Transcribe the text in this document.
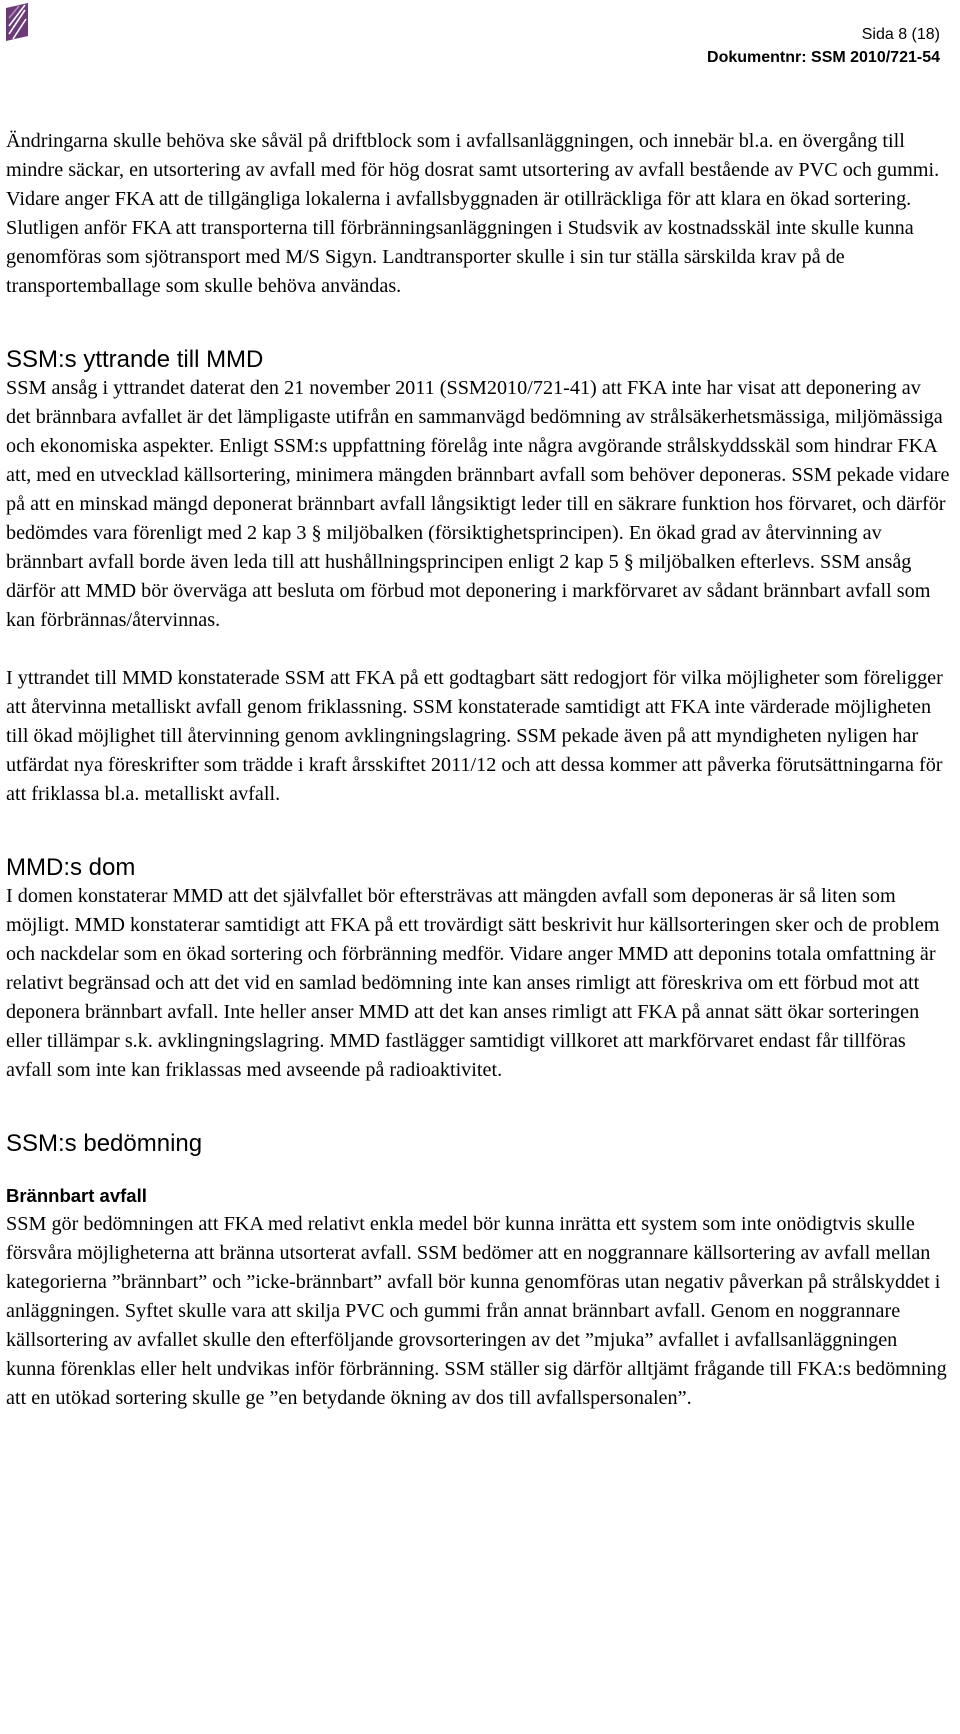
Sida 8 (18)
Dokumentnr: SSM 2010/721-54

Ändringarna skulle behöva ske såväl på driftblock som i avfallsanläggningen, och innebär bl.a. en övergång till mindre säckar, en utsortering av avfall med för hög dosrat samt utsortering av avfall bestående av PVC och gummi. Vidare anger FKA att de tillgängliga lokalerna i avfallsbyggnaden är otillräckliga för att klara en ökad sortering. Slutligen anför FKA att transporterna till förbränningsanläggningen i Studsvik av kostnadsskäl inte skulle kunna genomföras som sjötransport med M/S Sigyn. Landtransporter skulle i sin tur ställa särskilda krav på de transportemballage som skulle behöva användas.

SSM:s yttrande till MMD

SSM ansåg i yttrandet daterat den 21 november 2011 (SSM2010/721-41) att FKA inte har visat att deponering av det brännbara avfallet är det lämpligaste utifrån en sammanvägd bedömning av strålsäkerhetsmässiga, miljömässiga och ekonomiska aspekter. Enligt SSM:s uppfattning förelåg inte några avgörande strålskyddsskäl som hindrar FKA att, med en utvecklad källsortering, minimera mängden brännbart avfall som behöver deponeras. SSM pekade vidare på att en minskad mängd deponerat brännbart avfall långsiktigt leder till en säkrare funktion hos förvaret, och därför bedömdes vara förenligt med 2 kap 3 § miljöbalken (försiktighetsprincipen). En ökad grad av återvinning av brännbart avfall borde även leda till att hushållningsprincipen enligt 2 kap 5 § miljöbalken efterlevs. SSM ansåg därför att MMD bör överväga att besluta om förbud mot deponering i markförvaret av sådant brännbart avfall som kan förbrännas/återvinnas.

I yttrandet till MMD konstaterade SSM att FKA på ett godtagbart sätt redogjort för vilka möjligheter som föreligger att återvinna metalliskt avfall genom friklassning. SSM konstaterade samtidigt att FKA inte värderade möjligheten till ökad möjlighet till återvinning genom avklingningslagring. SSM pekade även på att myndigheten nyligen har utfärdat nya föreskrifter som trädde i kraft årsskiftet 2011/12 och att dessa kommer att påverka förutsättningarna för att friklassa bl.a. metalliskt avfall.

MMD:s dom

I domen konstaterar MMD att det självfallet bör eftersträvas att mängden avfall som deponeras är så liten som möjligt. MMD konstaterar samtidigt att FKA på ett trovärdigt sätt beskrivit hur källsorteringen sker och de problem och nackdelar som en ökad sortering och förbränning medför. Vidare anger MMD att deponins totala omfattning är relativt begränsad och att det vid en samlad bedömning inte kan anses rimligt att föreskriva om ett förbud mot att deponera brännbart avfall. Inte heller anser MMD att det kan anses rimligt att FKA på annat sätt ökar sorteringen eller tillämpar s.k. avklingningslagring. MMD fastlägger samtidigt villkoret att markförvaret endast får tillföras avfall som inte kan friklassas med avseende på radioaktivitet.

SSM:s bedömning
Brännbart avfall

SSM gör bedömningen att FKA med relativt enkla medel bör kunna inrätta ett system som inte onödigtvis skulle försvåra möjligheterna att bränna utsorterat avfall. SSM bedömer att en noggrannare källsortering av avfall mellan kategorierna ”brännbart” och ”icke-brännbart” avfall bör kunna genomföras utan negativ påverkan på strålskyddet i anläggningen. Syftet skulle vara att skilja PVC och gummi från annat brännbart avfall. Genom en noggrannare källsortering av avfallet skulle den efterföljande grovsorteringen av det ”mjuka” avfallet i avfallsanläggningen kunna förenklas eller helt undvikas inför förbränning. SSM ställer sig därför alltjämt frågande till FKA:s bedömning att en utökad sortering skulle ge ”en betydande ökning av dos till avfallspersonalen”.
